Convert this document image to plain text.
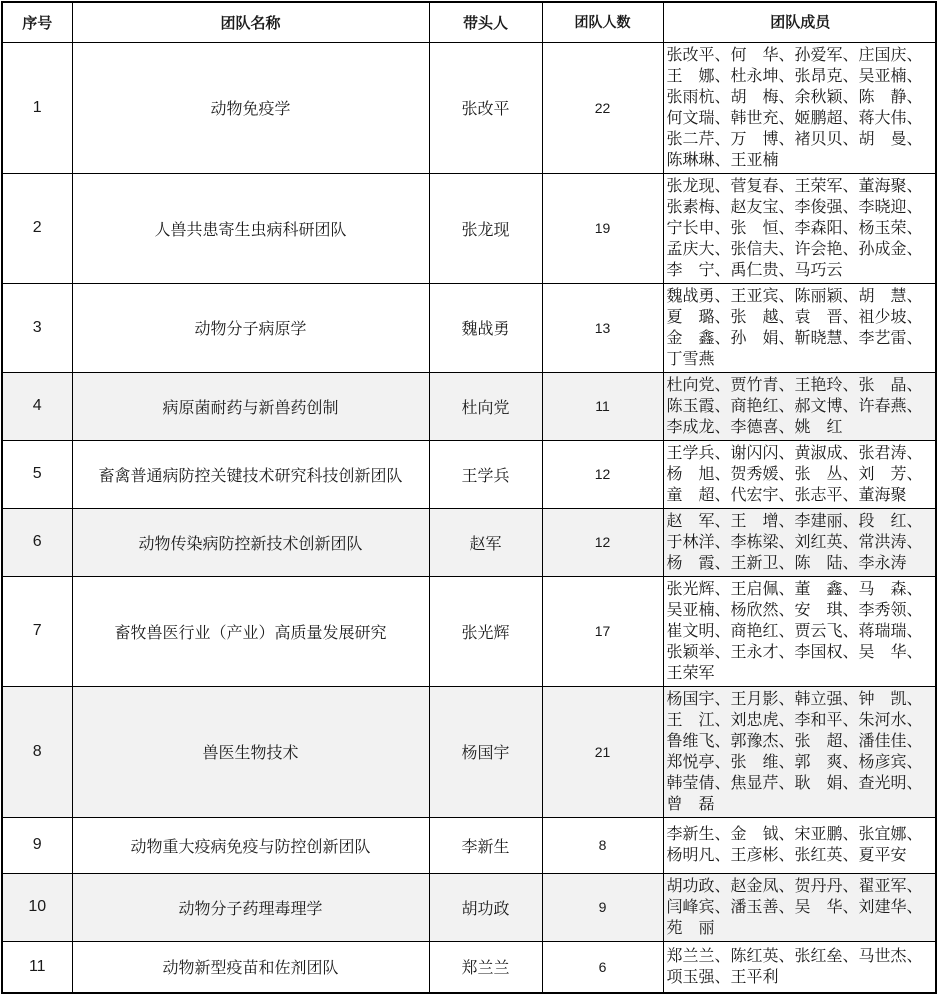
序号	团队名称	带头人	团队人数	团队成员
1	动物免疫学	张改平	22	张改平、何　华、孙爱军、庄国庆、王　娜、杜永坤、张昂克、吴亚楠、张雨杭、胡　梅、余秋颖、陈　静、何文瑞、韩世充、姬鹏超、蒋大伟、张二芹、万　博、褚贝贝、胡　曼、陈琳琳、王亚楠
2	人兽共患寄生虫病科研团队	张龙现	19	张龙现、菅复春、王荣军、董海聚、张素梅、赵友宝、李俊强、李晓迎、宁长申、张　恒、李森阳、杨玉荣、孟庆大、张信夫、许会艳、孙成金、李　宁、禹仁贵、马巧云
3	动物分子病原学	魏战勇	13	魏战勇、王亚宾、陈丽颖、胡　慧、夏　璐、张　越、袁　晋、祖少坡、金　鑫、孙　娟、靳晓慧、李艺雷、丁雪燕
4	病原菌耐药与新兽药创制	杜向党	11	杜向党、贾竹青、王艳玲、张　晶、陈玉霞、商艳红、郝文博、许春燕、李成龙、李德喜、姚　红
5	畜禽普通病防控关键技术研究科技创新团队	王学兵	12	王学兵、谢闪闪、黄淑成、张君涛、杨　旭、贺秀媛、张　丛、刘　芳、童　超、代宏宇、张志平、董海聚
6	动物传染病防控新技术创新团队	赵军	12	赵　军、王　增、李建丽、段　红、于林洋、李栋梁、刘红英、常洪涛、杨　霞、王新卫、陈　陆、李永涛
7	畜牧兽医行业（产业）高质量发展研究	张光辉	17	张光辉、王启佩、董　鑫、马　森、吴亚楠、杨欣然、安　琪、李秀领、崔文明、商艳红、贾云飞、蒋瑞瑞、张颖举、王永才、李国权、吴　华、王荣军
8	兽医生物技术	杨国宇	21	杨国宇、王月影、韩立强、钟　凯、王　江、刘忠虎、李和平、朱河水、鲁维飞、郭豫杰、张　超、潘佳佳、郑悦亭、张　维、郭　爽、杨彦宾、韩莹倩、焦显芹、耿　娟、查光明、曾　磊
9	动物重大疫病免疫与防控创新团队	李新生	8	李新生、金　钺、宋亚鹏、张宜娜、杨明凡、王彦彬、张红英、夏平安
10	动物分子药理毒理学	胡功政	9	胡功政、赵金凤、贺丹丹、翟亚军、闫峰宾、潘玉善、吴　华、刘建华、苑　丽
11	动物新型疫苗和佐剂团队	郑兰兰	6	郑兰兰、陈红英、张红垒、马世杰、项玉强、王平利
